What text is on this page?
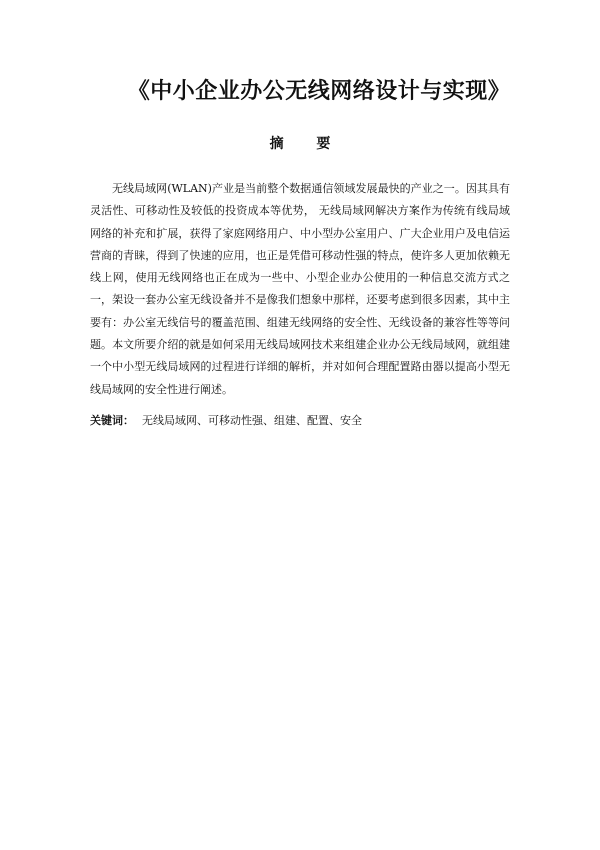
《中小企业办公无线网络设计与实现》
摘 要

无线局域网(WLAN)产业是当前整个数据通信领域发展最快的产业之一。因其具有灵活性、可移动性及较低的投资成本等优势， 无线局域网解决方案作为传统有线局域网络的补充和扩展，获得了家庭网络用户、中小型办公室用户、广大企业用户及电信运营商的青睐，得到了快速的应用，也正是凭借可移动性强的特点，使许多人更加依赖无线上网，使用无线网络也正在成为一些中、小型企业办公使用的一种信息交流方式之一，架设一套办公室无线设备并不是像我们想象中那样，还要考虑到很多因素，其中主要有：办公室无线信号的覆盖范围、组建无线网络的安全性、无线设备的兼容性等等问题。本文所要介绍的就是如何采用无线局域网技术来组建企业办公无线局域网，就组建一个中小型无线局域网的过程进行详细的解析，并对如何合理配置路由器以提高小型无线局域网的安全性进行阐述。

关键词： 无线局域网、可移动性强、组建、配置、安全
